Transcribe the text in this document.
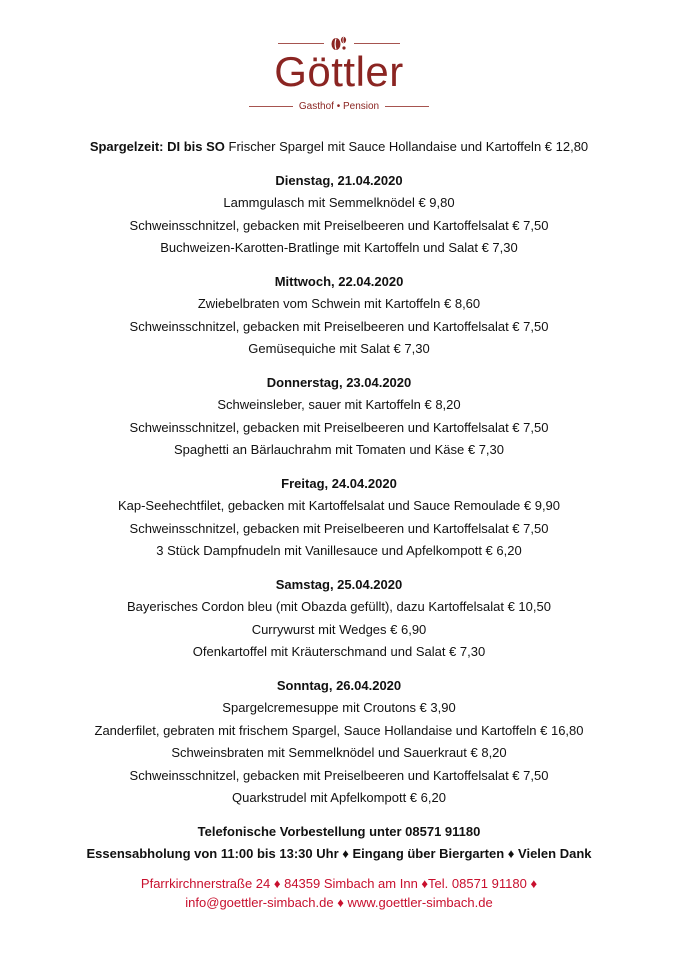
Göttler
Gasthof • Pension
Spargelzeit: DI bis SO Frischer Spargel mit Sauce Hollandaise und Kartoffeln € 12,80
Dienstag, 21.04.2020
Lammgulasch mit Semmelknödel € 9,80
Schweinsschnitzel, gebacken mit Preiselbeeren und Kartoffelsalat € 7,50
Buchweizen-Karotten-Bratlinge mit Kartoffeln und Salat € 7,30
Mittwoch, 22.04.2020
Zwiebelbraten vom Schwein mit Kartoffeln € 8,60
Schweinsschnitzel, gebacken mit Preiselbeeren und Kartoffelsalat € 7,50
Gemüsequiche mit Salat € 7,30
Donnerstag, 23.04.2020
Schweinsleber, sauer mit Kartoffeln € 8,20
Schweinsschnitzel, gebacken mit Preiselbeeren und Kartoffelsalat € 7,50
Spaghetti an Bärlauchrahm mit Tomaten und Käse € 7,30
Freitag, 24.04.2020
Kap-Seehechtfilet, gebacken mit Kartoffelsalat und Sauce Remoulade € 9,90
Schweinsschnitzel, gebacken mit Preiselbeeren und Kartoffelsalat € 7,50
3 Stück Dampfnudeln mit Vanillesauce und Apfelkompott € 6,20
Samstag, 25.04.2020
Bayerisches Cordon bleu (mit Obazda gefüllt), dazu Kartoffelsalat € 10,50
Currywurst mit Wedges € 6,90
Ofenkartoffel mit Kräuterschmand und Salat € 7,30
Sonntag, 26.04.2020
Spargelcremesuppe mit Croutons € 3,90
Zanderfilet, gebraten mit frischem Spargel, Sauce Hollandaise und Kartoffeln € 16,80
Schweinsbraten mit Semmelknödel und Sauerkraut € 8,20
Schweinsschnitzel, gebacken mit Preiselbeeren und Kartoffelsalat € 7,50
Quarkstrudel mit Apfelkompott € 6,20
Telefonische Vorbestellung unter 08571 91180
Essensabholung von 11:00 bis 13:30 Uhr ♦ Eingang über Biergarten ♦ Vielen Dank
Pfarrkirchnerstraße 24 ♦ 84359 Simbach am Inn ♦Tel. 08571 91180 ♦
info@goettler-simbach.de ♦ www.goettler-simbach.de
